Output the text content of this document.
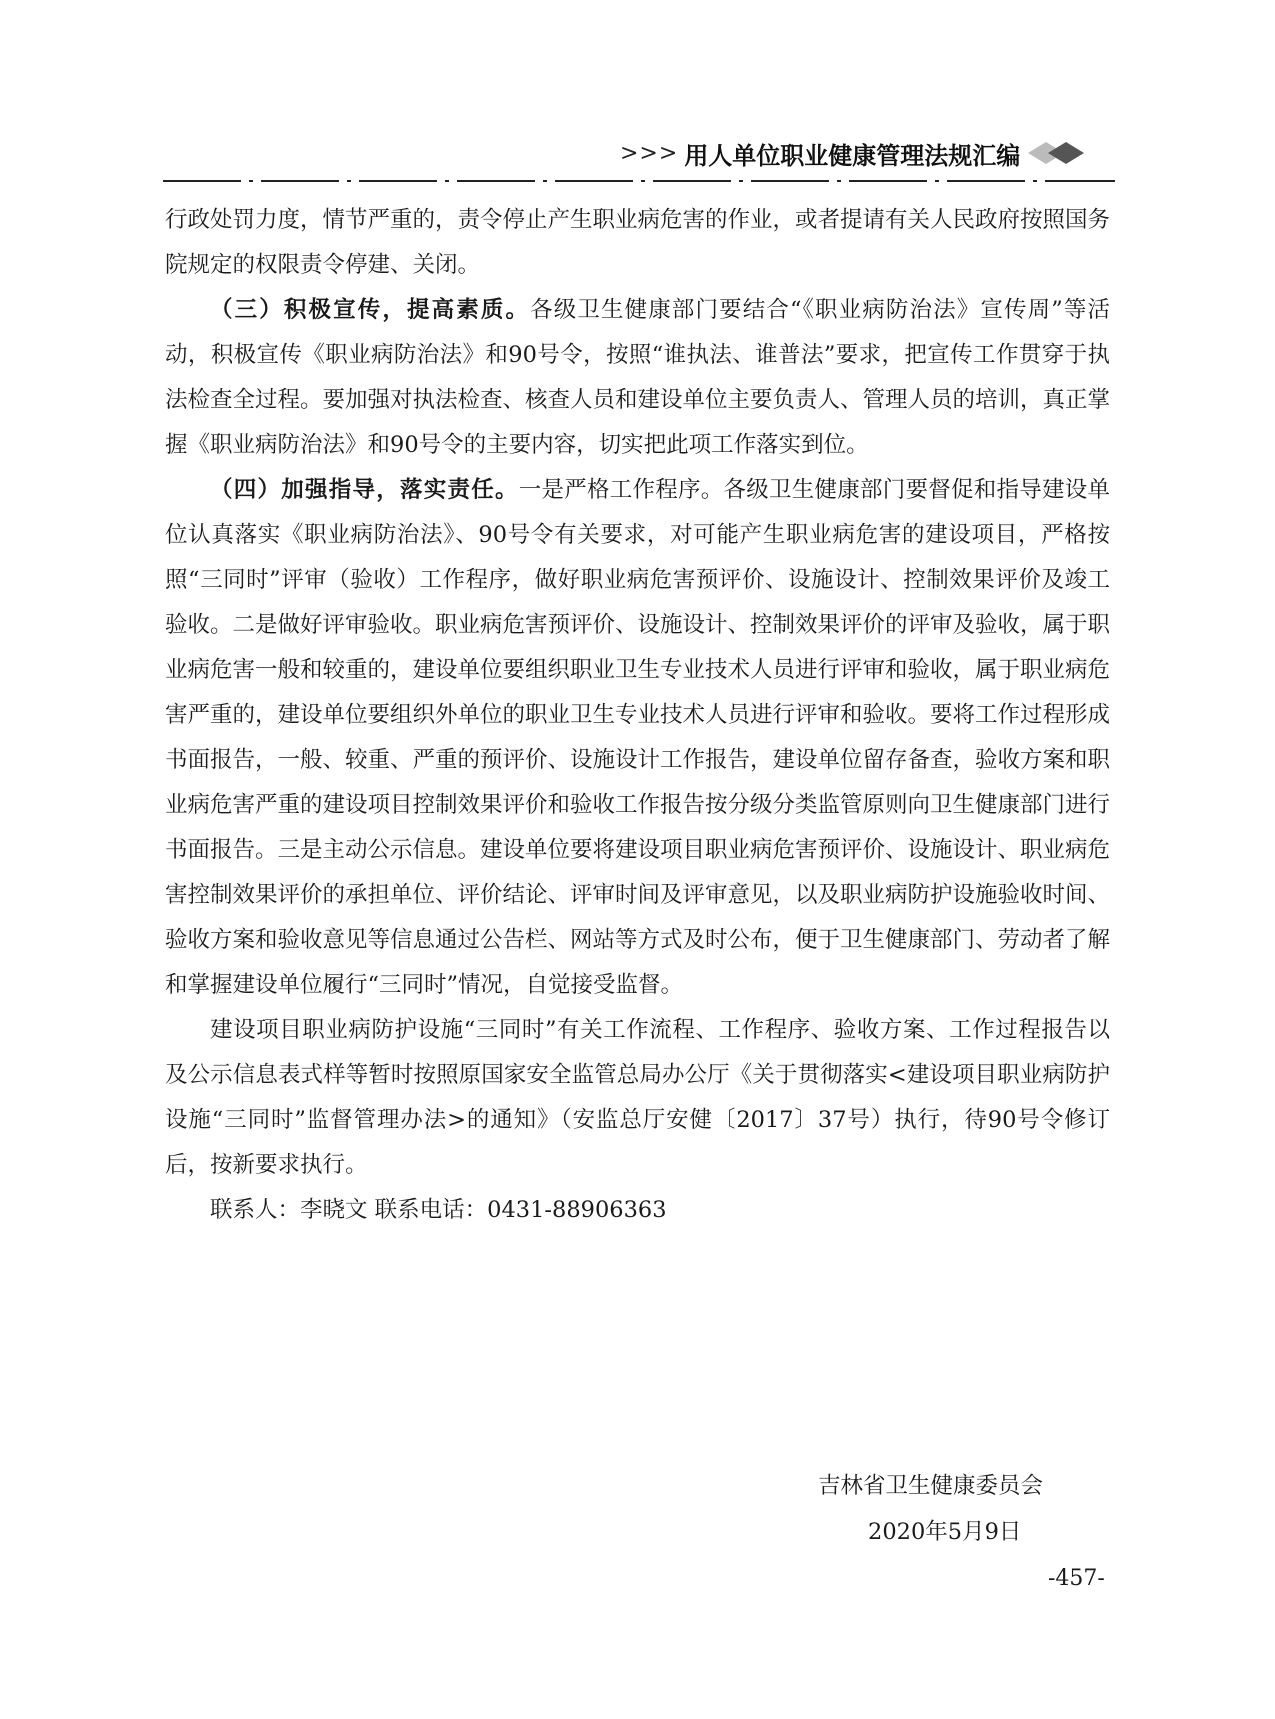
>>> 用人单位职业健康管理法规汇编

行政处罚力度，情节严重的，责令停止产生职业病危害的作业，或者提请有关人民政府按照国务院规定的权限责令停建、关闭。

（三）积极宣传，提高素质。各级卫生健康部门要结合“《职业病防治法》宣传周”等活动，积极宣传《职业病防治法》和90号令，按照“谁执法、谁普法”要求，把宣传工作贯穿于执法检查全过程。要加强对执法检查、核查人员和建设单位主要负责人、管理人员的培训，真正掌握《职业病防治法》和90号令的主要内容，切实把此项工作落实到位。

（四）加强指导，落实责任。一是严格工作程序。各级卫生健康部门要督促和指导建设单位认真落实《职业病防治法》、90号令有关要求，对可能产生职业病危害的建设项目，严格按照“三同时”评审（验收）工作程序，做好职业病危害预评价、设施设计、控制效果评价及竣工验收。二是做好评审验收。职业病危害预评价、设施设计、控制效果评价的评审及验收，属于职业病危害一般和较重的，建设单位要组织职业卫生专业技术人员进行评审和验收，属于职业病危害严重的，建设单位要组织外单位的职业卫生专业技术人员进行评审和验收。要将工作过程形成书面报告，一般、较重、严重的预评价、设施设计工作报告，建设单位留存备查，验收方案和职业病危害严重的建设项目控制效果评价和验收工作报告按分级分类监管原则向卫生健康部门进行书面报告。三是主动公示信息。建设单位要将建设项目职业病危害预评价、设施设计、职业病危害控制效果评价的承担单位、评价结论、评审时间及评审意见，以及职业病防护设施验收时间、验收方案和验收意见等信息通过公告栏、网站等方式及时公布，便于卫生健康部门、劳动者了解和掌握建设单位履行“三同时”情况，自觉接受监督。

建设项目职业病防护设施“三同时”有关工作流程、工作程序、验收方案、工作过程报告以及公示信息表式样等暂时按照原国家安全监管总局办公厅《关于贯彻落实<建设项目职业病防护设施“三同时”监督管理办法>的通知》（安监总厅安健〔2017〕37号）执行，待90号令修订后，按新要求执行。

联系人：李晓文 联系电话：0431-88906363

吉林省卫生健康委员会
2020年5月9日
-457-
